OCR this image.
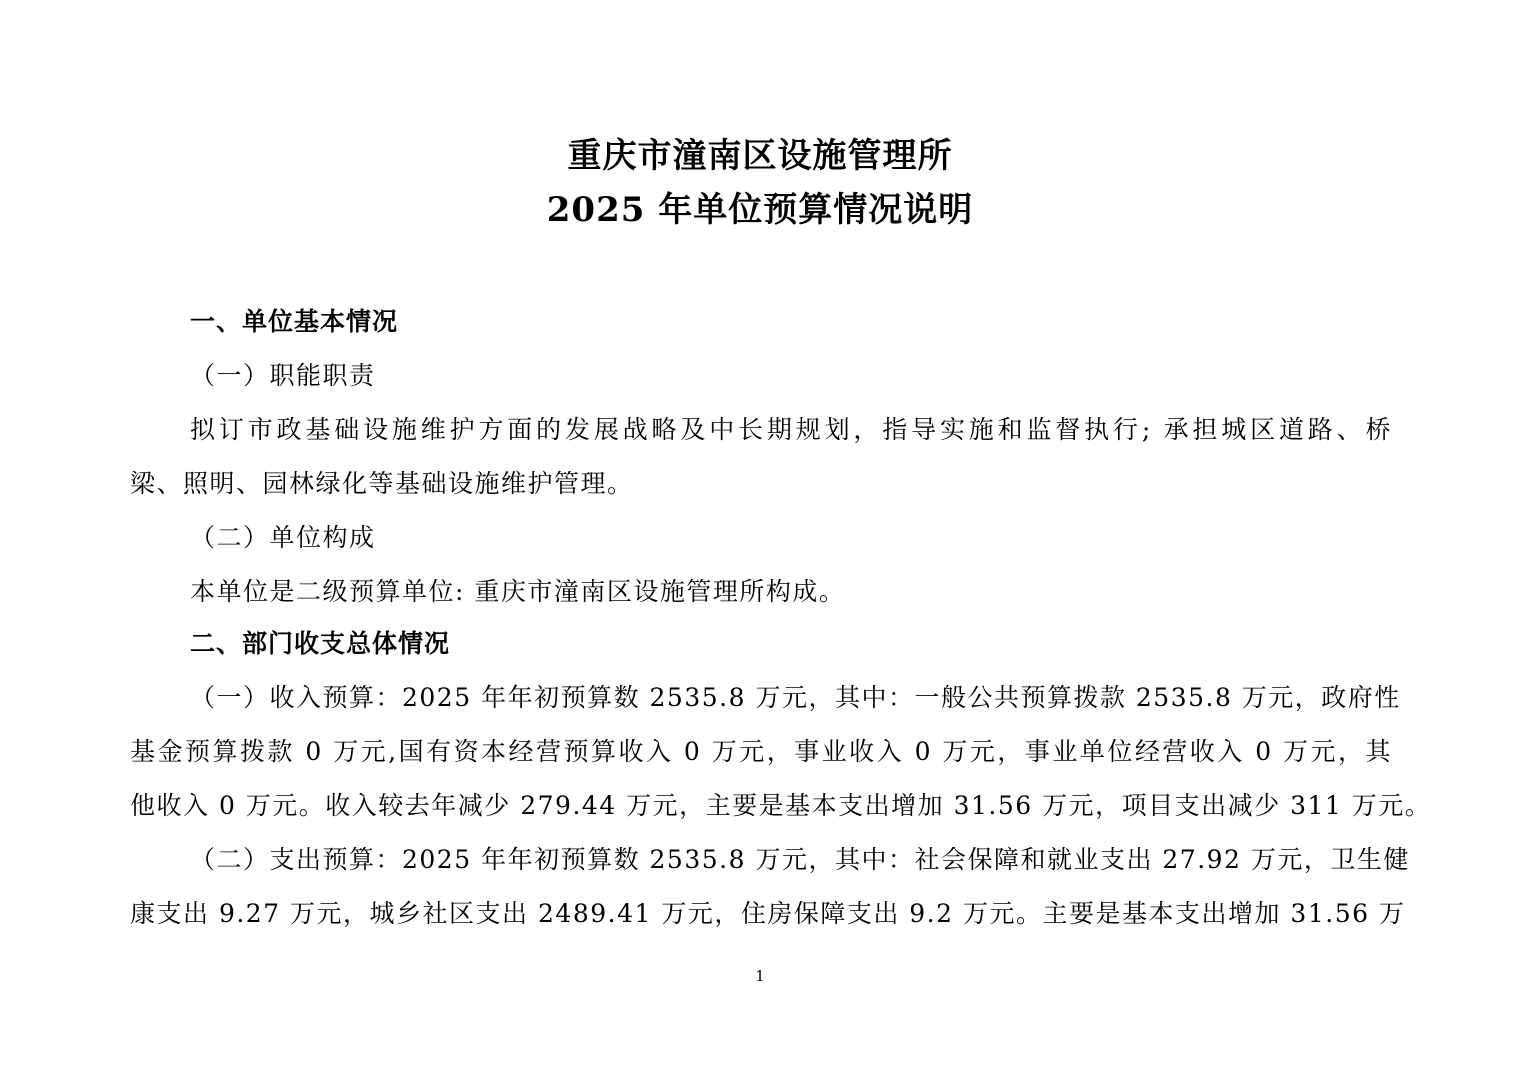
重庆市潼南区设施管理所
2025 年单位预算情况说明
一、单位基本情况
（一）职能职责
拟订市政基础设施维护方面的发展战略及中长期规划，指导实施和监督执行; 承担城区道路、桥
梁、照明、园林绿化等基础设施维护管理。
（二）单位构成
本单位是二级预算单位: 重庆市潼南区设施管理所构成。
二、部门收支总体情况
（一）收入预算：2025 年年初预算数 2535.8 万元，其中：一般公共预算拨款 2535.8 万元，政府性
基金预算拨款 0 万元,国有资本经营预算收入 0 万元，事业收入 0 万元，事业单位经营收入 0 万元，其
他收入 0 万元。收入较去年减少 279.44 万元，主要是基本支出增加 31.56 万元，项目支出减少 311 万元。
（二）支出预算：2025 年年初预算数 2535.8 万元，其中：社会保障和就业支出 27.92 万元，卫生健
康支出 9.27 万元，城乡社区支出 2489.41 万元，住房保障支出 9.2 万元。主要是基本支出增加 31.56 万
1
